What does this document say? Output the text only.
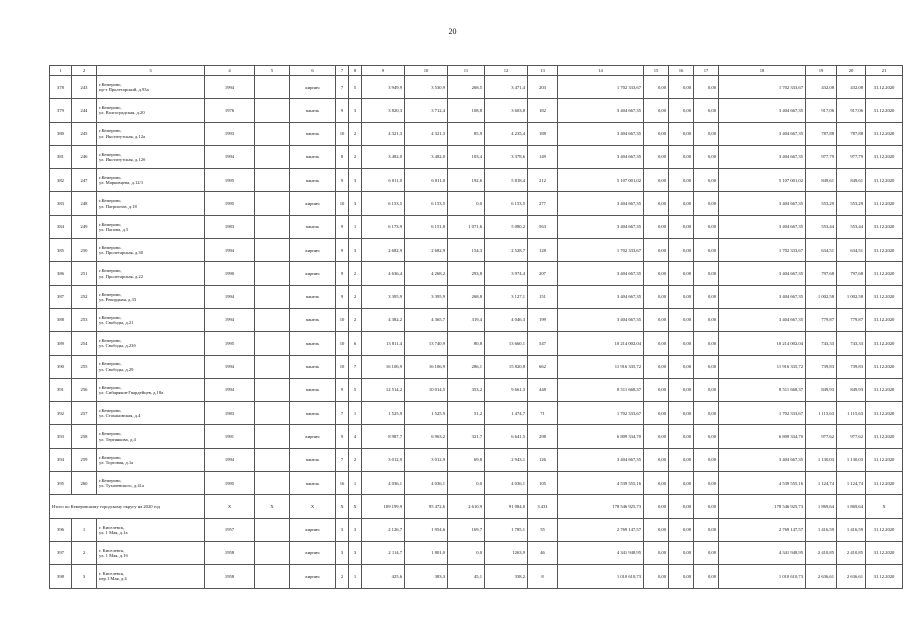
20
1	2	3	4	5	6	7	8	9	10	11	12	13	14	15	16	17	18	19	20	21
378	243	г.Кемерово,
пр-т Пролетарский, д.93а	1994		кирпич	7	5	3 949,9	3 530,9	268,5	3 471,4	203	1 702 333,67	0,00	0,00	0,00	1 702 333,67	432,08	432,08	31.12.2020
379	244	г.Кемерово,
ул. Волгоградская, д.20	1976		панель	9	3	3 820,3	3 712,4	108,8	3 603,8	182	3 404 667,35	0,00	0,00	0,00	3 404 667,35	917,06	917,06	31.12.2020
380	245	г.Кемерово,
ул. Институтская, д.12а	1993		панель	10	2	4 321,3	4 321,3	85,9	4 235,4	188	3 404 667,35	0,00	0,00	0,00	3 404 667,35	787,88	787,88	31.12.2020
381	246	г.Кемерово,
ул. Институтская, д.12б	1994		панель	8	2	3 482,0	3 482,0	103,4	3 378,6	149	3 404 667,35	0,00	0,00	0,00	3 404 667,35	977,79	977,79	31.12.2020
382	247	г.Кемерово,
ул. Марковцева, д.12/1	1995		панель	9	3	6 011,0	6 011,0	192,6	5 818,4	212	5 107 001,02	0,00	0,00	0,00	5 107 001,02	849,61	849,61	31.12.2020
383	248	г.Кемерово,
ул. Патриотов, д.18	1995		кирпич	10	3	6 153,5	6 153,5	0,0	6 153,5	277	3 404 667,35	0,00	0,00	0,00	3 404 667,35	553,29	553,29	31.12.2020
384	249	г.Кемерово,
ул. Попова, д.5	1983		панель	9	1	6 173,9	6 151,8	1 071,6	5 080,2	563	3 404 667,35	0,00	0,00	0,00	3 404 667,35	553,44	553,44	31.12.2020
385	250	г.Кемерово,
ул. Пролетарская, д.30	1994		кирпич	9	3	2 682,9	2 682,9	154,3	2 528,7	128	1 702 333,67	0,00	0,00	0,00	1 702 333,67	634,51	634,51	31.12.2020
386	251	г.Кемерово,
ул. Пролетарская, д.22	1990		кирпич	9	2	4 636,4	4 268,2	293,8	3 974,4	207	3 404 667,35	0,00	0,00	0,00	3 404 667,35	797,68	797,68	31.12.2020
387	252	г.Кемерово,
ул. Рекордная, д.33	1994		панель	9	2	3 395,9	3 395,9	268,8	3 127,1	151	3 404 667,35	0,00	0,00	0,00	3 404 667,35	1 002,58	1 002,58	31.12.2020
388	253	г.Кемерово,
ул. Свободы, д.21	1994		панель	10	2	4 382,2	4 365,7	319,4	4 046,3	199	3 404 667,35	0,00	0,00	0,00	3 404 667,35	779,87	779,87	31.12.2020
389	254	г.Кемерово,
ул. Свободы, д.23б	1995		панель	10	6	13 811,4	13 740,9	80,8	13 660,1	547	10 214 002,04	0,00	0,00	0,00	10 214 002,04	743,33	743,33	31.12.2020
390	255	г.Кемерово,
ул. Свободы, д.29	1994		панель	10	7	16 106,9	16 106,9	286,1	15 820,8	662	11 916 335,72	0,00	0,00	0,00	11 916 335,72	739,83	739,83	31.12.2020
391	256	г.Кемерово,
ул. Сибиряков-Гвардейцев, д.18а	1994		панель	9	5	12 514,2	10 014,5	353,2	9 661,3	448	8 511 668,37	0,00	0,00	0,00	8 511 668,37	849,93	849,93	31.12.2020
392	257	г.Кемерово,
ул. Стахановская, д.4	1983		панель	7	1	1 525,9	1 525,9	51,2	1 474,7	71	1 702 333,67	0,00	0,00	0,00	1 702 333,67	1 115,63	1 115,63	31.12.2020
393	258	г.Кемерово,
ул. Тереянкова, д.4	1991		кирпич	9	4	8 987,7	6 963,2	321,7	6 641,5	298	6 809 334,70	0,00	0,00	0,00	6 809 334,70	977,62	977,62	31.12.2020
394	259	г.Кемерово,
ул. Торговая, д.1а	1994		панель	7	2	3 012,9	3 012,9	69,8	2 943,1	126	3 404 667,35	0,00	0,00	0,00	3 404 667,35	1 130,03	1 130,03	31.12.2020
395	260	г.Кемерово,
ул. Тухачевского, д.41а	1995		панель	16	1	4 036,1	4 036,1	0,0	4 036,1	105	4 539 555,16	0,00	0,00	0,00	4 539 555,16	1 124,74	1 124,74	31.12.2020
Итого по Кемеровскому городскому округу на 2020 год			X	X	X	X	X	109 199,9	95 472,6	2 610,9	91 084,0	3 431	178 546 925,73	0,00	0,00	0,00	178 546 925,73	1 869,64	1 869,64	X
396	1	г. Киселевск,
ул. 1 Мая, д.1а	1957		кирпич	3	3	2 126,7	1 954,6	169,7	1 785,1	55	2 769 147,57	0,00	0,00	0,00	2 769 147,57	1 416,59	1 416,59	31.12.2020
397	2	г. Киселевск,
ул. 1 Мая, д.1б	1958		кирпич	3	3	2 114,7	1 801,0	0,0	1263,9	46	4 341 948,95	0,00	0,00	0,00	4 341 948,95	2 410,85	2 410,85	31.12.2020
398	3	г. Киселевск,
пер.1 Мая, д.4	1958		кирпич	2	1	425,6	383,3	45,1	338,2	8	1 010 610,73	0,00	0,00	0,00	1 010 610,73	2 636,61	2 636,61	31.12.2020
